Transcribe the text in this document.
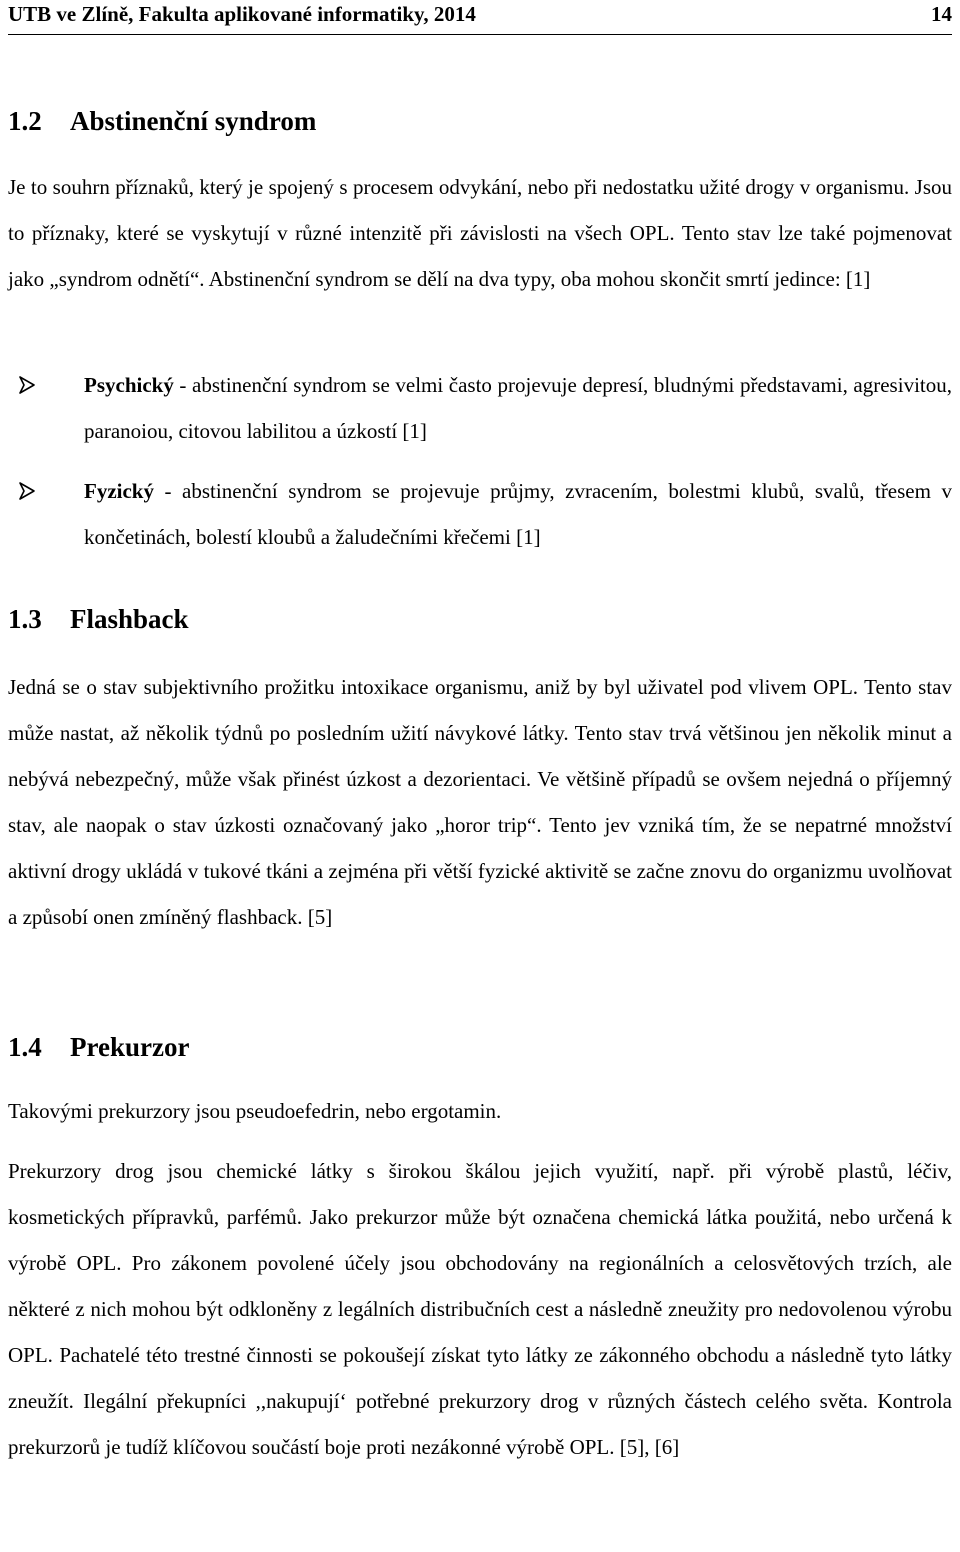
UTB ve Zlíně, Fakulta aplikované informatiky, 2014	14
1.2 Abstinenční syndrom

Je to souhrn příznaků, který je spojený s procesem odvykání, nebo při nedostatku užité drogy v organismu. Jsou to příznaky, které se vyskytují v různé intenzitě při závislosti na všech OPL. Tento stav lze také pojmenovat jako „syndrom odnětí“. Abstinenční syndrom se dělí na dva typy, oba mohou skončit smrtí jedince: [1]

Psychický - abstinenční syndrom se velmi často projevuje depresí, bludnými představami, agresivitou, paranoiou, citovou labilitou a úzkostí [1]
Fyzický - abstinenční syndrom se projevuje průjmy, zvracením, bolestmi klubů, svalů, třesem v končetinách, bolestí kloubů a žaludečními křečemi [1]
1.3 Flashback

Jedná se o stav subjektivního prožitku intoxikace organismu, aniž by byl uživatel pod vlivem OPL. Tento stav může nastat, až několik týdnů po posledním užití návykové látky. Tento stav trvá většinou jen několik minut a nebývá nebezpečný, může však přinést úzkost a dezorientaci. Ve většině případů se ovšem nejedná o příjemný stav, ale naopak o stav úzkosti označovaný jako „horor trip“. Tento jev vzniká tím, že se nepatrné množství aktivní drogy ukládá v tukové tkáni a zejména při větší fyzické aktivitě se začne znovu do organizmu uvolňovat a způsobí onen zmíněný flashback. [5]

1.4 Prekurzor

Takovými prekurzory jsou pseudoefedrin, nebo ergotamin.

Prekurzory drog jsou chemické látky s širokou škálou jejich využití, např. při výrobě plastů, léčiv, kosmetických přípravků, parfémů. Jako prekurzor může být označena chemická látka použitá, nebo určená k výrobě OPL. Pro zákonem povolené účely jsou obchodovány na regionálních a celosvětových trzích, ale některé z nich mohou být odkloněny z legálních distribučních cest a následně zneužity pro nedovolenou výrobu OPL. Pachatelé této trestné činnosti se pokoušejí získat tyto látky ze zákonného obchodu a následně tyto látky zneužít. Ilegální překupníci ,,nakupují‘ potřebné prekurzory drog v různých částech celého světa. Kontrola prekurzorů je tudíž klíčovou součástí boje proti nezákonné výrobě OPL. [5], [6]
